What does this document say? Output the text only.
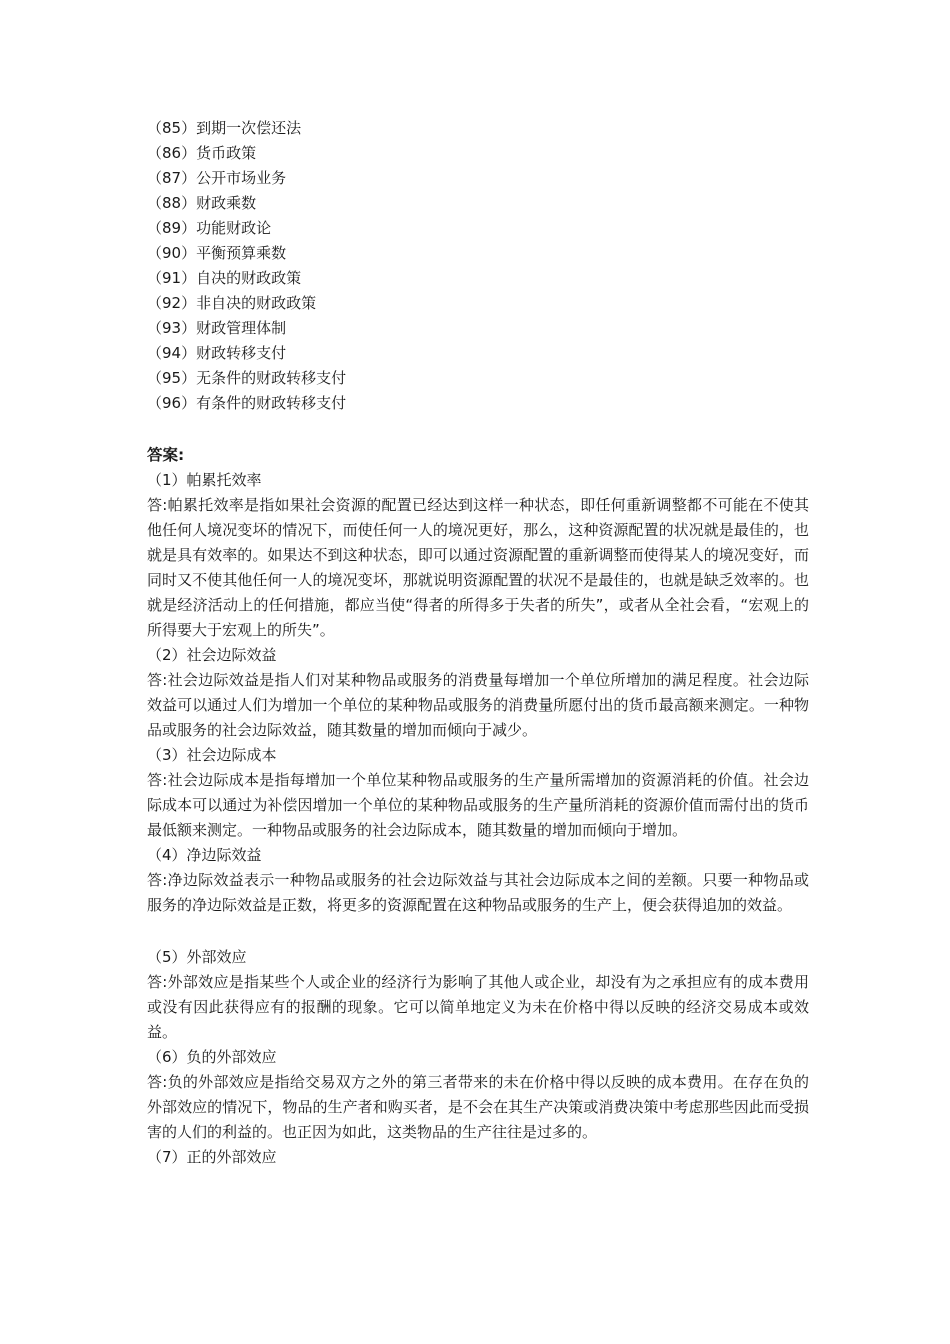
（85）到期一次偿还法
（86）货币政策
（87）公开市场业务
（88）财政乘数
（89）功能财政论
（90）平衡预算乘数
（91）自决的财政政策
（92）非自决的财政政策
（93）财政管理体制
（94）财政转移支付
（95）无条件的财政转移支付
（96）有条件的财政转移支付
答案:
（1）帕累托效率

答:帕累托效率是指如果社会资源的配置已经达到这样一种状态，即任何重新调整都不可能在不使其他任何人境况变坏的情况下，而使任何一人的境况更好，那么，这种资源配置的状况就是最佳的，也就是具有效率的。如果达不到这种状态，即可以通过资源配置的重新调整而使得某人的境况变好，而同时又不使其他任何一人的境况变坏，那就说明资源配置的状况不是最佳的，也就是缺乏效率的。也就是经济活动上的任何措施，都应当使“得者的所得多于失者的所失”，或者从全社会看，“宏观上的所得要大于宏观上的所失”。

（2）社会边际效益

答:社会边际效益是指人们对某种物品或服务的消费量每增加一个单位所增加的满足程度。社会边际效益可以通过人们为增加一个单位的某种物品或服务的消费量所愿付出的货币最高额来测定。一种物品或服务的社会边际效益，随其数量的增加而倾向于减少。

（3）社会边际成本

答:社会边际成本是指每增加一个单位某种物品或服务的生产量所需增加的资源消耗的价值。社会边际成本可以通过为补偿因增加一个单位的某种物品或服务的生产量所消耗的资源价值而需付出的货币最低额来测定。一种物品或服务的社会边际成本，随其数量的增加而倾向于增加。

（4）净边际效益

答:净边际效益表示一种物品或服务的社会边际效益与其社会边际成本之间的差额。只要一种物品或服务的净边际效益是正数，将更多的资源配置在这种物品或服务的生产上，便会获得追加的效益。

（5）外部效应

答:外部效应是指某些个人或企业的经济行为影响了其他人或企业，却没有为之承担应有的成本费用或没有因此获得应有的报酬的现象。它可以简单地定义为未在价格中得以反映的经济交易成本或效益。

（6）负的外部效应

答:负的外部效应是指给交易双方之外的第三者带来的未在价格中得以反映的成本费用。在存在负的外部效应的情况下，物品的生产者和购买者，是不会在其生产决策或消费决策中考虑那些因此而受损害的人们的利益的。也正因为如此，这类物品的生产往往是过多的。

（7）正的外部效应
